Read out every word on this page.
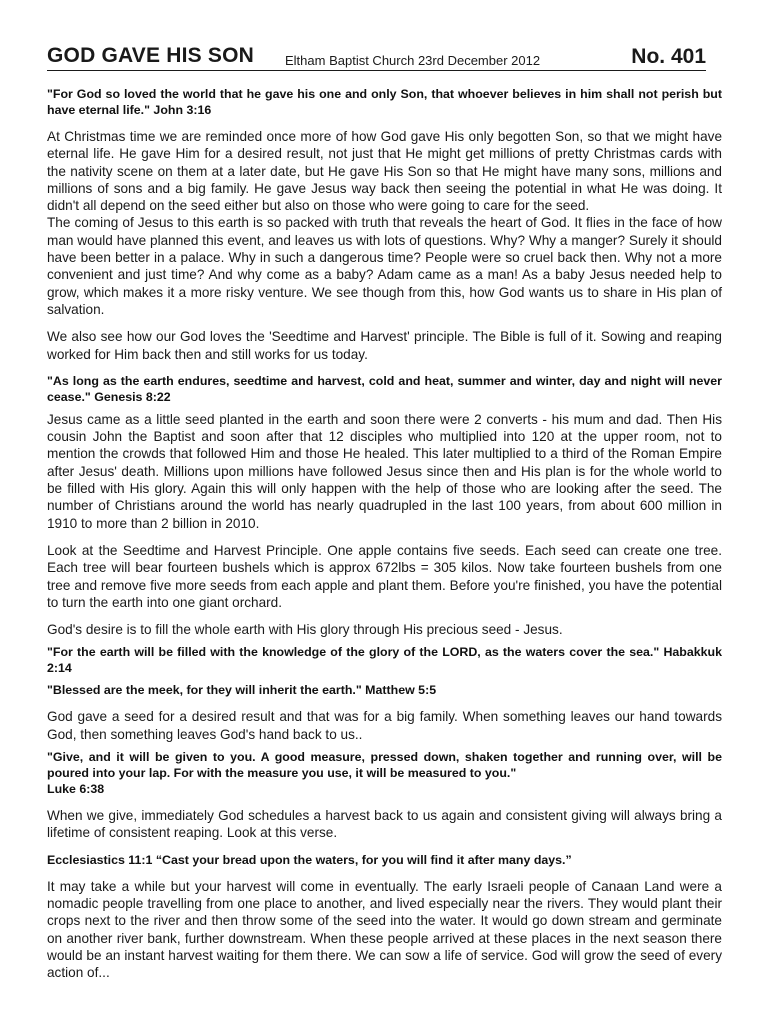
GOD GAVE HIS SON Eltham Baptist Church 23rd December 2012	No. 401

"For God so loved the world that he gave his one and only Son, that whoever believes in him shall not perish but have eternal life." John 3:16

At Christmas time we are reminded once more of how God gave His only begotten Son, so that we might have eternal life. He gave Him for a desired result, not just that He might get millions of pretty Christmas cards with the nativity scene on them at a later date, but He gave His Son so that He might have many sons, millions and millions of sons and a big family. He gave Jesus way back then seeing the potential in what He was doing. It didn't all depend on the seed either but also on those who were going to care for the seed.

The coming of Jesus to this earth is so packed with truth that reveals the heart of God. It flies in the face of how man would have planned this event, and leaves us with lots of questions. Why? Why a manger? Surely it should have been better in a palace. Why in such a dangerous time? People were so cruel back then. Why not a more convenient and just time? And why come as a baby? Adam came as a man! As a baby Jesus needed help to grow, which makes it a more risky venture. We see though from this, how God wants us to share in His plan of salvation.

We also see how our God loves the 'Seedtime and Harvest' principle. The Bible is full of it. Sowing and reaping worked for Him back then and still works for us today.

"As long as the earth endures, seedtime and harvest, cold and heat, summer and winter, day and night will never cease." Genesis 8:22

Jesus came as a little seed planted in the earth and soon there were 2 converts - his mum and dad. Then His cousin John the Baptist and soon after that 12 disciples who multiplied into 120 at the upper room, not to mention the crowds that followed Him and those He healed. This later multiplied to a third of the Roman Empire after Jesus' death. Millions upon millions have followed Jesus since then and His plan is for the whole world to be filled with His glory. Again this will only happen with the help of those who are looking after the seed. The number of Christians around the world has nearly quadrupled in the last 100 years, from about 600 million in 1910 to more than 2 billion in 2010.

Look at the Seedtime and Harvest Principle. One apple contains five seeds. Each seed can create one tree. Each tree will bear fourteen bushels which is approx 672lbs = 305 kilos. Now take fourteen bushels from one tree and remove five more seeds from each apple and plant them. Before you're finished, you have the potential to turn the earth into one giant orchard.

God's desire is to fill the whole earth with His glory through His precious seed - Jesus.

"For the earth will be filled with the knowledge of the glory of the LORD, as the waters cover the sea." Habakkuk 2:14

"Blessed are the meek, for they will inherit the earth." Matthew 5:5

God gave a seed for a desired result and that was for a big family. When something leaves our hand towards God, then something leaves God's hand back to us..

"Give, and it will be given to you. A good measure, pressed down, shaken together and running over, will be poured into your lap. For with the measure you use, it will be measured to you."

Luke 6:38

When we give, immediately God schedules a harvest back to us again and consistent giving will always bring a lifetime of consistent reaping. Look at this verse.

Ecclesiastics 11:1 “Cast your bread upon the waters, for you will find it after many days.”

It may take a while but your harvest will come in eventually. The early Israeli people of Canaan Land were a nomadic people travelling from one place to another, and lived especially near the rivers. They would plant their crops next to the river and then throw some of the seed into the water. It would go down stream and germinate on another river bank, further downstream. When these people arrived at these places in the next season there would be an instant harvest waiting for them there. We can sow a life of service. God will grow the seed of every action of...
